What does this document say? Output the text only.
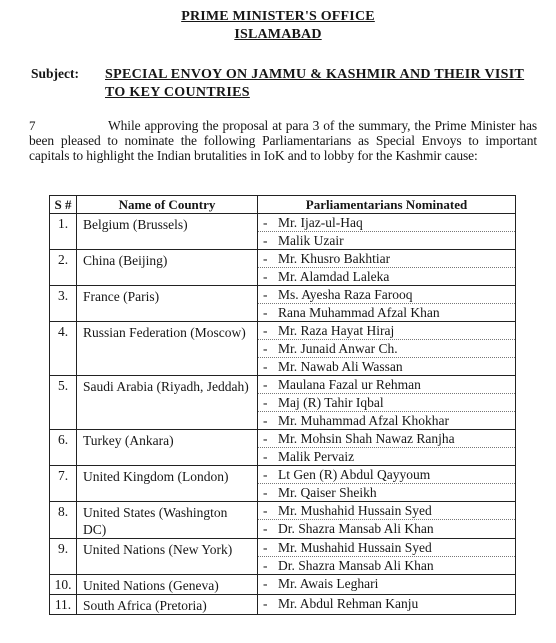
PRIME MINISTER'S OFFICE
ISLAMABAD
Subject: SPECIAL ENVOY ON JAMMU & KASHMIR AND THEIR VISIT TO KEY COUNTRIES
7	While approving the proposal at para 3 of the summary, the Prime Minister has been pleased to nominate the following Parliamentarians as Special Envoys to important capitals to highlight the Indian brutalities in IoK and to lobby for the Kashmir cause:
S #	Name of Country	Parliamentarians Nominated
1.	Belgium (Brussels)	- Mr. Ijaz-ul-Haq
- Malik Uzair

2.	China (Beijing)	- Mr. Khusro Bakhtiar
- Mr. Alamdad Laleka

3.	France (Paris)	- Ms. Ayesha Raza Farooq
- Rana Muhammad Afzal Khan

4.	Russian Federation (Moscow)	- Mr. Raza Hayat Hiraj
- Mr. Junaid Anwar Ch.
- Mr. Nawab Ali Wassan

5.	Saudi Arabia (Riyadh, Jeddah)	- Maulana Fazal ur Rehman
- Maj (R) Tahir Iqbal
- Mr. Muhammad Afzal Khokhar

6.	Turkey (Ankara)	- Mr. Mohsin Shah Nawaz Ranjha
- Malik Pervaiz

7.	United Kingdom (London)	- Lt Gen (R) Abdul Qayyoum
- Mr. Qaiser Sheikh

8.	United States (Washington DC)	- Mr. Mushahid Hussain Syed
- Dr. Shazra Mansab Ali Khan

9.	United Nations (New York)	- Mr. Mushahid Hussain Syed
- Dr. Shazra Mansab Ali Khan

10.	United Nations (Geneva)	- Mr. Awais Leghari

11.	South Africa (Pretoria)	- Mr. Abdul Rehman Kanju
